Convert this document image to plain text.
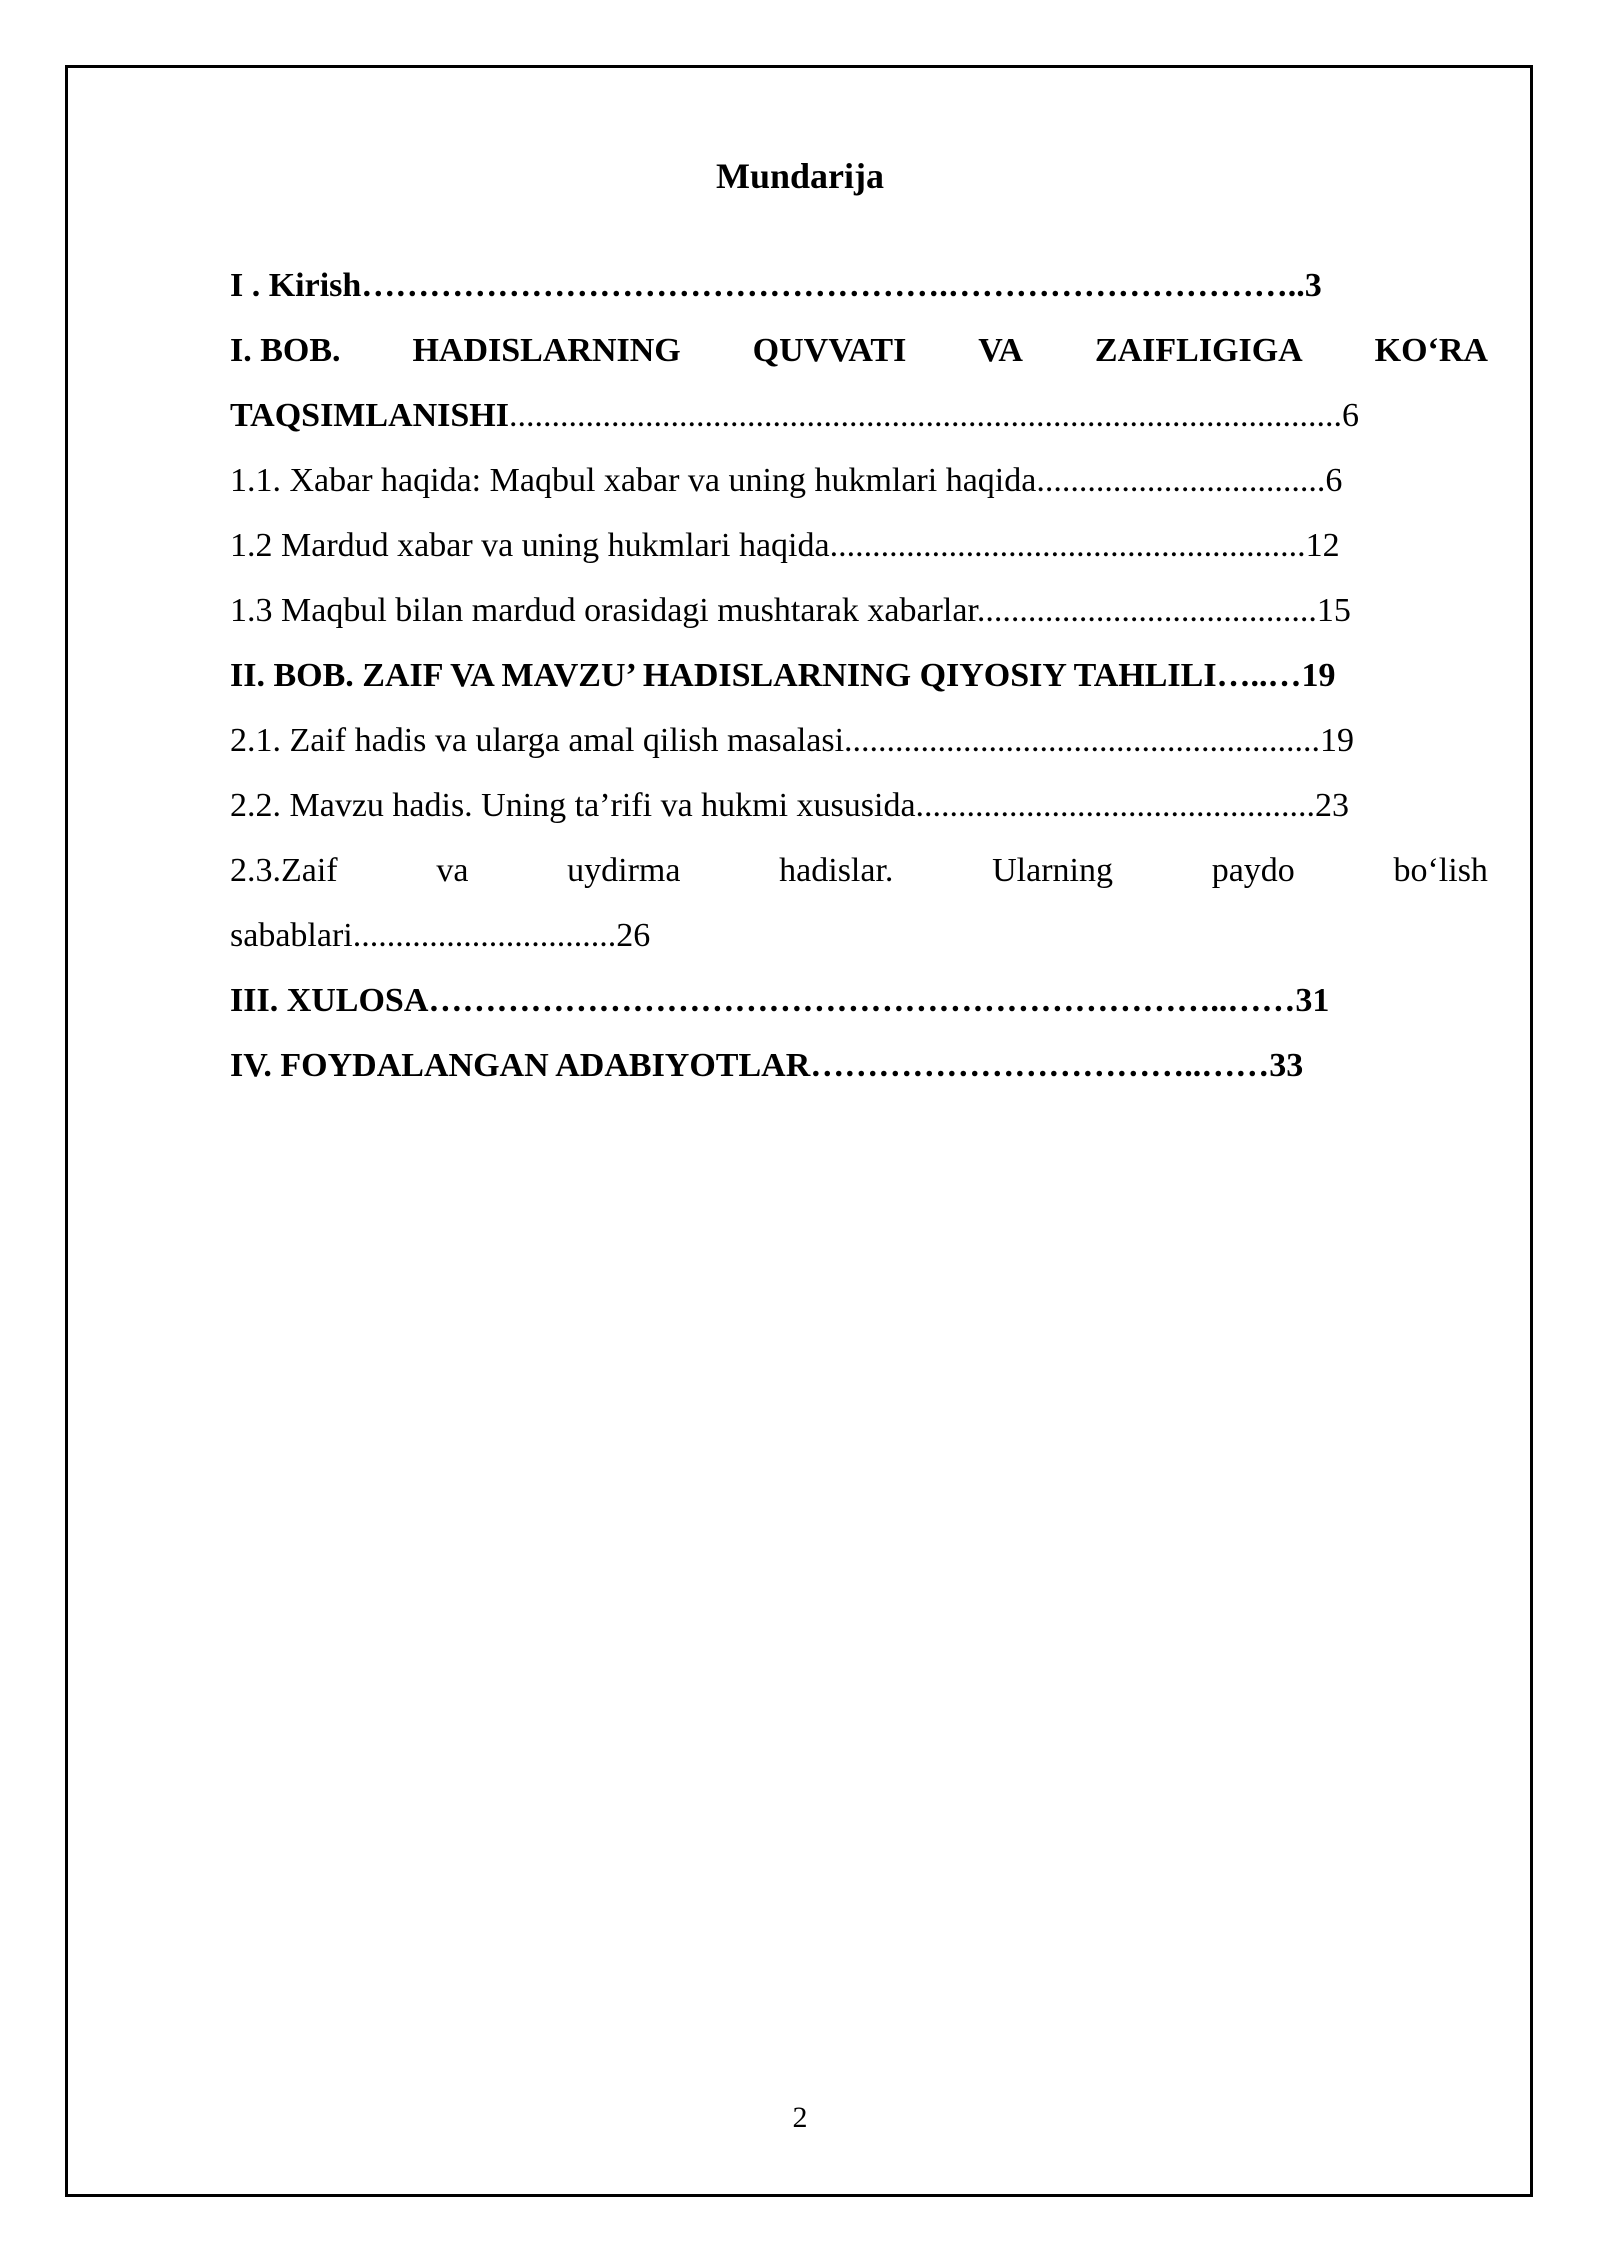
Mundarija
I . Kirish…………………………………………….…………………………..3
I. BOB. HADISLARNING QUVVATI VA ZAIFLIGIGA KO‘RA
TAQSIMLANISHI..................................................................................................6
1.1. Xabar haqida: Maqbul xabar va uning hukmlari haqida..................................6
1.2 Mardud xabar va uning hukmlari haqida........................................................12
1.3 Maqbul bilan mardud orasidagi mushtarak xabarlar........................................15
II. BOB. ZAIF VA MAVZU’ HADISLARNING QIYOSIY TAHLILI…..…19
2.1. Zaif hadis va ularga amal qilish masalasi........................................................19
2.2. Mavzu hadis. Uning ta’rifi va hukmi xususida...............................................23
2.3.Zaif	va	uydirma	hadislar.	Ularning	paydo	bo‘lish
sabablari...............................26
III. XULOSA……………………………………………………………..……31
IV. FOYDALANGAN ADABIYOTLAR……………………………..……33
2
